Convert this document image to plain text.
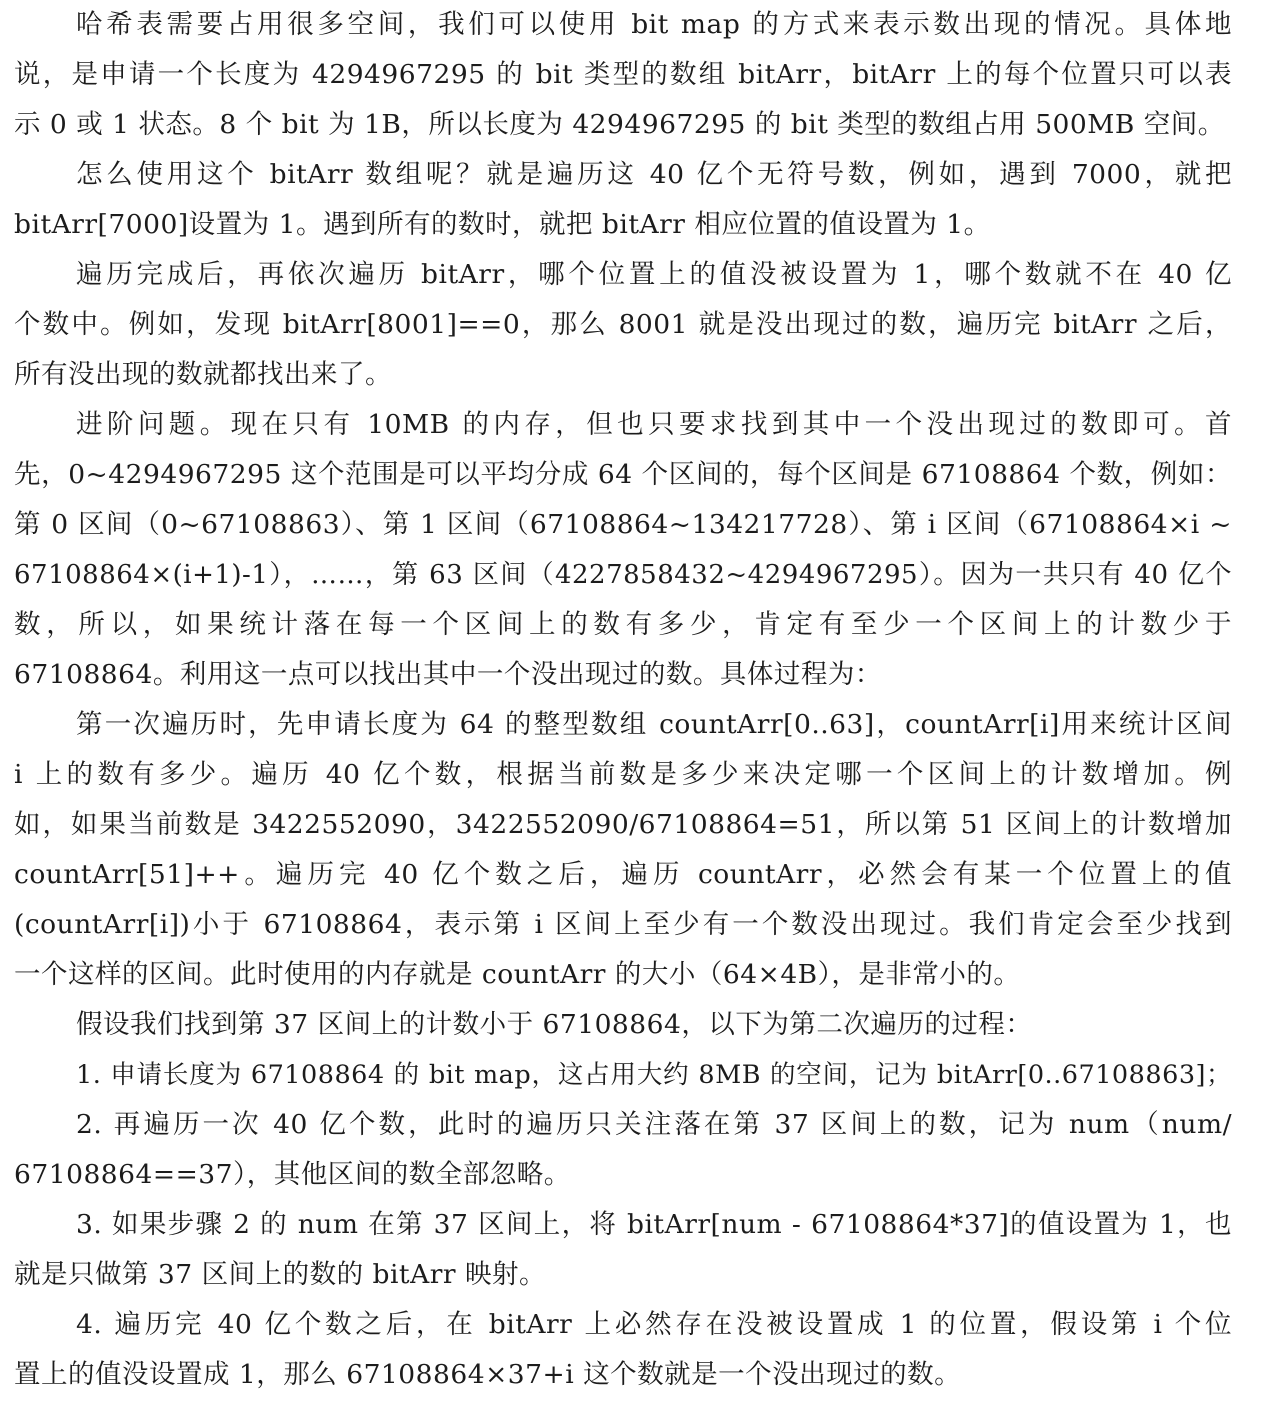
哈希表需要占用很多空间，我们可以使用 bit map 的方式来表示数出现的情况。具体地
说，是申请一个长度为 4294967295 的 bit 类型的数组 bitArr，bitArr 上的每个位置只可以表
示 0 或 1 状态。8 个 bit 为 1B，所以长度为 4294967295 的 bit 类型的数组占用 500MB 空间。
怎么使用这个 bitArr 数组呢？就是遍历这 40 亿个无符号数，例如，遇到 7000，就把
bitArr[7000]设置为 1。遇到所有的数时，就把 bitArr 相应位置的值设置为 1。
遍历完成后，再依次遍历 bitArr，哪个位置上的值没被设置为 1，哪个数就不在 40 亿
个数中。例如，发现 bitArr[8001]==0，那么 8001 就是没出现过的数，遍历完 bitArr 之后，
所有没出现的数就都找出来了。
进阶问题。现在只有 10MB 的内存，但也只要求找到其中一个没出现过的数即可。首
先，0~4294967295 这个范围是可以平均分成 64 个区间的，每个区间是 67108864 个数，例如：
第 0 区间（0~67108863）、第 1 区间（67108864~134217728）、第 i 区间（67108864×i ~
67108864×(i+1)-1），……，第 63 区间（4227858432~4294967295）。因为一共只有 40 亿个
数，所以，如果统计落在每一个区间上的数有多少，肯定有至少一个区间上的计数少于
67108864。利用这一点可以找出其中一个没出现过的数。具体过程为：
第一次遍历时，先申请长度为 64 的整型数组 countArr[0..63]，countArr[i]用来统计区间
i 上的数有多少。遍历 40 亿个数，根据当前数是多少来决定哪一个区间上的计数增加。例
如，如果当前数是 3422552090，3422552090/67108864=51，所以第 51 区间上的计数增加
countArr[51]++。遍历完 40 亿个数之后，遍历 countArr，必然会有某一个位置上的值
(countArr[i])小于 67108864，表示第 i 区间上至少有一个数没出现过。我们肯定会至少找到
一个这样的区间。此时使用的内存就是 countArr 的大小（64×4B），是非常小的。
假设我们找到第 37 区间上的计数小于 67108864，以下为第二次遍历的过程：
1. 申请长度为 67108864 的 bit map，这占用大约 8MB 的空间，记为 bitArr[0..67108863]；
2. 再遍历一次 40 亿个数，此时的遍历只关注落在第 37 区间上的数，记为 num（num/
67108864==37），其他区间的数全部忽略。
3. 如果步骤 2 的 num 在第 37 区间上，将 bitArr[num - 67108864*37]的值设置为 1，也
就是只做第 37 区间上的数的 bitArr 映射。
4. 遍历完 40 亿个数之后，在 bitArr 上必然存在没被设置成 1 的位置，假设第 i 个位
置上的值没设置成 1，那么 67108864×37+i 这个数就是一个没出现过的数。
